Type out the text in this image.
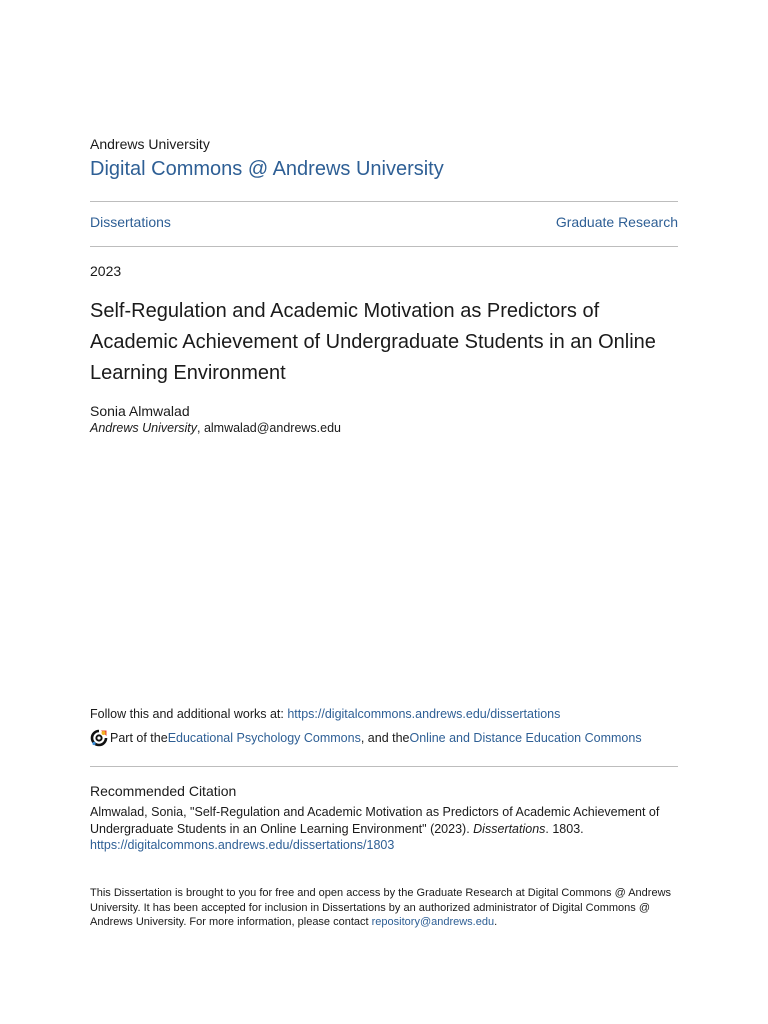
Andrews University
Digital Commons @ Andrews University
Dissertations	Graduate Research
2023
Self-Regulation and Academic Motivation as Predictors of Academic Achievement of Undergraduate Students in an Online Learning Environment
Sonia Almwalad
Andrews University, almwalad@andrews.edu
Follow this and additional works at: https://digitalcommons.andrews.edu/dissertations
Part of the Educational Psychology Commons , and the Online and Distance Education Commons
Recommended Citation
Almwalad, Sonia, "Self-Regulation and Academic Motivation as Predictors of Academic Achievement of Undergraduate Students in an Online Learning Environment" (2023). Dissertations. 1803.
https://digitalcommons.andrews.edu/dissertations/1803
This Dissertation is brought to you for free and open access by the Graduate Research at Digital Commons @ Andrews University. It has been accepted for inclusion in Dissertations by an authorized administrator of Digital Commons @ Andrews University. For more information, please contact repository@andrews.edu.
